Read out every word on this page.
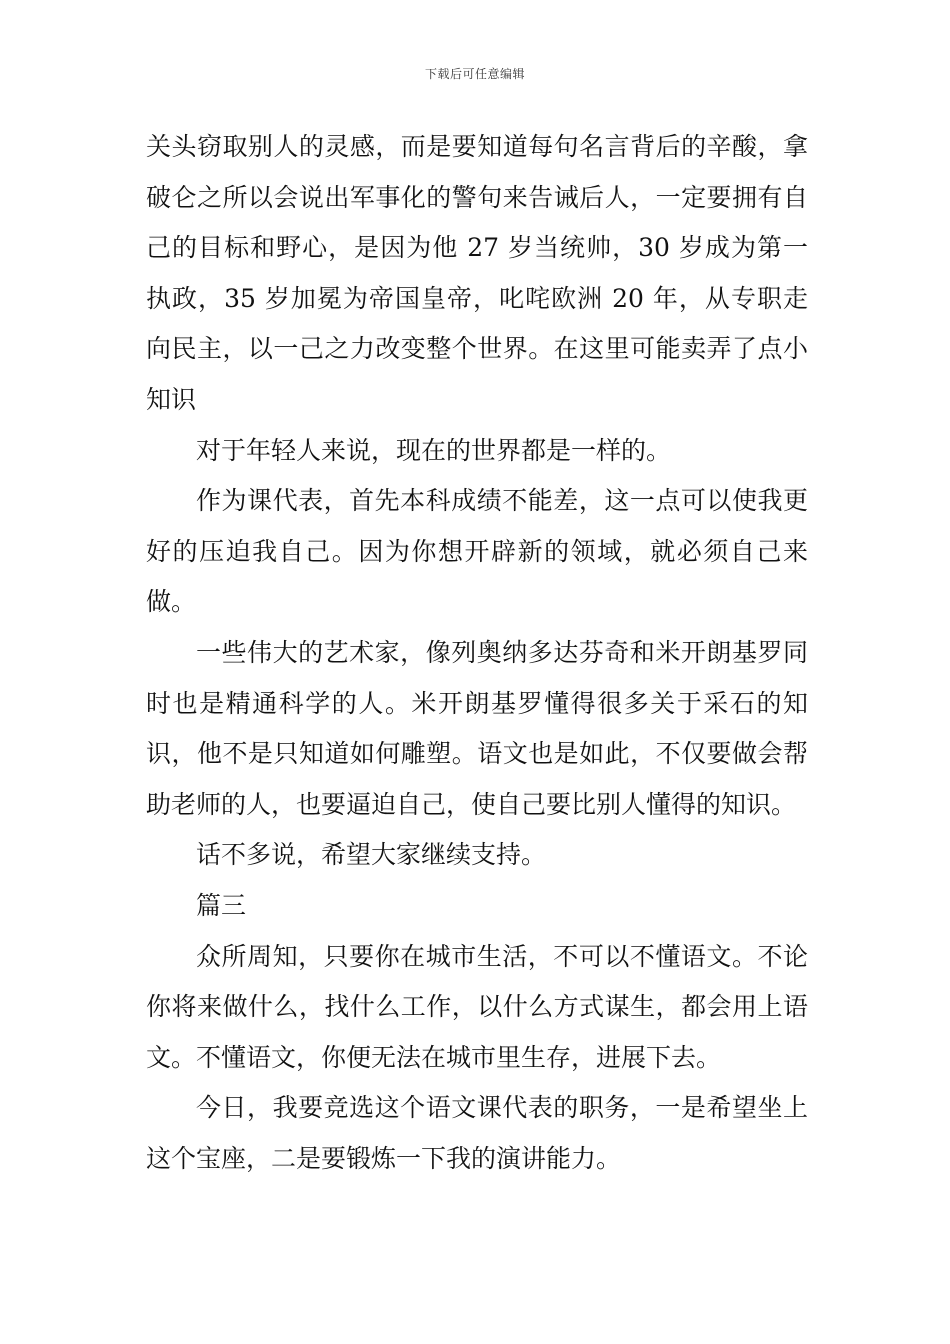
下载后可任意编辑

关头窃取别人的灵感，而是要知道每句名言背后的辛酸，拿破仑之所以会说出军事化的警句来告诫后人，一定要拥有自己的目标和野心，是因为他 27 岁当统帅，30 岁成为第一执政，35 岁加冕为帝国皇帝，叱咤欧洲 20 年，从专职走向民主，以一己之力改变整个世界。在这里可能卖弄了点小知识

对于年轻人来说，现在的世界都是一样的。

作为课代表，首先本科成绩不能差，这一点可以使我更好的压迫我自己。因为你想开辟新的领域，就必须自己来做。

一些伟大的艺术家，像列奥纳多达芬奇和米开朗基罗同时也是精通科学的人。米开朗基罗懂得很多关于采石的知识，他不是只知道如何雕塑。语文也是如此，不仅要做会帮助老师的人，也要逼迫自己，使自己要比别人懂得的知识。

话不多说，希望大家继续支持。

篇三

众所周知，只要你在城市生活，不可以不懂语文。不论你将来做什么，找什么工作，以什么方式谋生，都会用上语文。不懂语文，你便无法在城市里生存，进展下去。

今日，我要竞选这个语文课代表的职务，一是希望坐上这个宝座，二是要锻炼一下我的演讲能力。
